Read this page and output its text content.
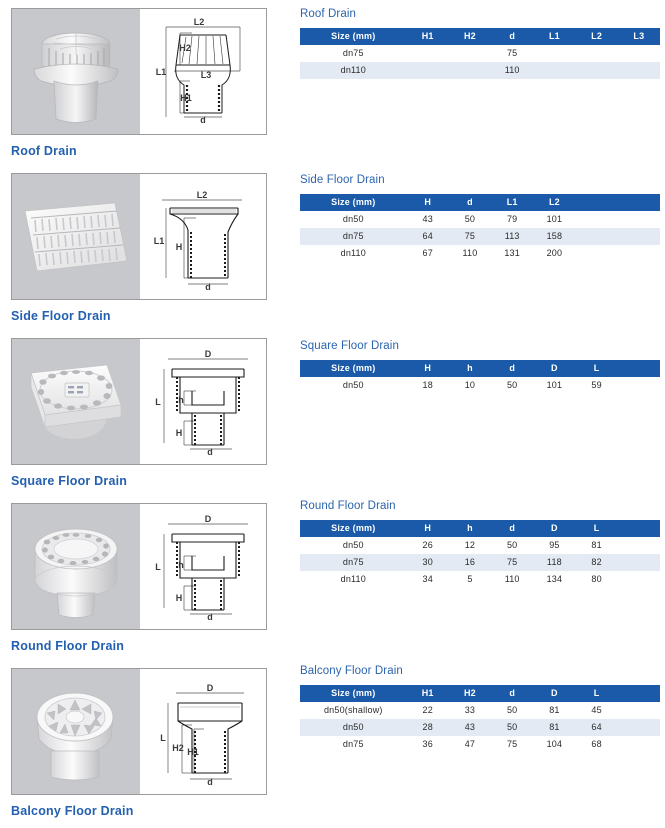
L2
H2
L1	L3
H1
d
Roof Drain
L2
L1
H
d
Side Floor Drain
D
L h
H
d
Square Floor Drain
D
L h
H
d
Round Floor Drain
D
L
H2 H1
d
Balcony Floor Drain
Roof Drain
Size (mm)	H1	H2	d	L1	L2	L3
dn75			75			
dn110			110			
Side Floor Drain
Size (mm)	H	d	L1	L2		
dn50	43	50	79	101		
dn75	64	75	113	158		
dn110	67	110	131	200		
Square Floor Drain
Size (mm)	H	h	d	D	L	
dn50	18	10	50	101	59	
Round Floor Drain
Size (mm)	H	h	d	D	L	
dn50	26	12	50	95	81	
dn75	30	16	75	118	82	
dn110	34	5	110	134	80	
Balcony Floor Drain
Size (mm)	H1	H2	d	D	L	
dn50(shallow)	22	33	50	81	45	
dn50	28	43	50	81	64	
dn75	36	47	75	104	68	
